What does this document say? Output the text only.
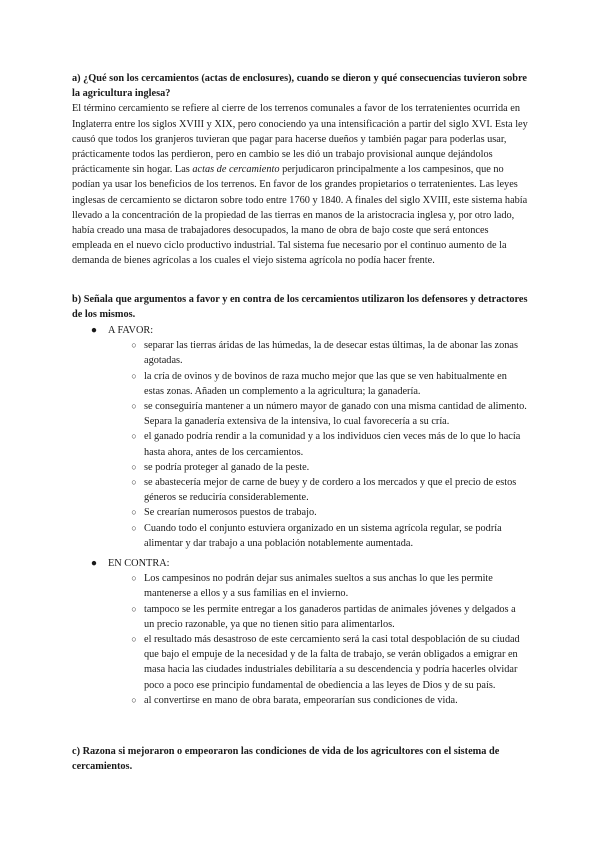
a) ¿Qué son los cercamientos (actas de enclosures), cuando se dieron y qué consecuencias tuvieron sobre la agricultura inglesa?

El término cercamiento se refiere al cierre de los terrenos comunales a favor de los terratenientes ocurrida en Inglaterra entre los siglos XVIII y XIX, pero conociendo ya una intensificación a partir del siglo XVI. Esta ley causó que todos los granjeros tuvieran que pagar para hacerse dueños y también pagar para poderlas usar, prácticamente todos las perdieron, pero en cambio se les dió un trabajo provisional aunque dejándolos prácticamente sin hogar. Las actas de cercamiento perjudicaron principalmente a los campesinos, que no podían ya usar los beneficios de los terrenos. En favor de los grandes propietarios o terratenientes. Las leyes inglesas de cercamiento se dictaron sobre todo entre 1760 y 1840. A finales del siglo XVIII, este sistema había llevado a la concentración de la propiedad de las tierras en manos de la aristocracia inglesa y, por otro lado, había creado una masa de trabajadores desocupados, la mano de obra de bajo coste que será entonces empleada en el nuevo ciclo productivo industrial. Tal sistema fue necesario por el continuo aumento de la demanda de bienes agrícolas a los cuales el viejo sistema agrícola no podía hacer frente.

b) Señala que argumentos a favor y en contra de los cercamientos utilizaron los defensores y detractores de los mismos.

● A FAVOR:
○ separar las tierras áridas de las húmedas, la de desecar estas últimas, la de abonar las zonas agotadas.
○ la cría de ovinos y de bovinos de raza mucho mejor que las que se ven habitualmente en estas zonas. Añaden un complemento a la agricultura; la ganadería.
○ se conseguiría mantener a un número mayor de ganado con una misma cantidad de alimento. Separa la ganadería extensiva de la intensiva, lo cual favorecería a su cría.
○ el ganado podría rendir a la comunidad y a los individuos cien veces más de lo que lo hacía hasta ahora, antes de los cercamientos.
○ se podría proteger al ganado de la peste.
○ se abastecería mejor de carne de buey y de cordero a los mercados y que el precio de estos géneros se reduciría considerablemente.
○ Se crearían numerosos puestos de trabajo.
○ Cuando todo el conjunto estuviera organizado en un sistema agrícola regular, se podría alimentar y dar trabajo a una población notablemente aumentada.
● EN CONTRA:
○ Los campesinos no podrán dejar sus animales sueltos a sus anchas lo que les permite mantenerse a ellos y a sus familias en el invierno.
○ tampoco se les permite entregar a los ganaderos partidas de animales jóvenes y delgados a un precio razonable, ya que no tienen sitio para alimentarlos.
○ el resultado más desastroso de este cercamiento será la casi total despoblación de su ciudad que bajo el empuje de la necesidad y de la falta de trabajo, se verán obligados a emigrar en masa hacia las ciudades industriales debilitaría a su descendencia y podría hacerles olvidar poco a poco ese principio fundamental de obediencia a las leyes de Dios y de su país.
○ al convertirse en mano de obra barata, empeorarían sus condiciones de vida.

c) Razona si mejoraron o empeoraron las condiciones de vida de los agricultores con el sistema de cercamientos.
